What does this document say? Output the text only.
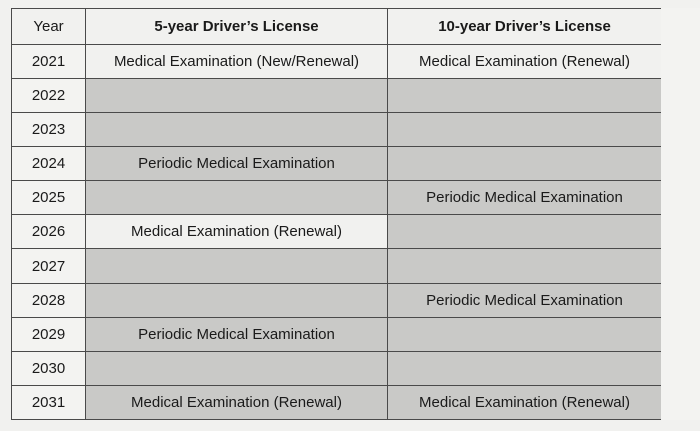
Year	5-year Driver’s License	10-year Driver’s License
2021	Medical Examination (New/Renewal)	Medical Examination (Renewal)
2022		
2023		
2024	Periodic Medical Examination	
2025		Periodic Medical Examination
2026	Medical Examination (Renewal)	
2027		
2028		Periodic Medical Examination
2029	Periodic Medical Examination	
2030		
2031	Medical Examination (Renewal)	Medical Examination (Renewal)
